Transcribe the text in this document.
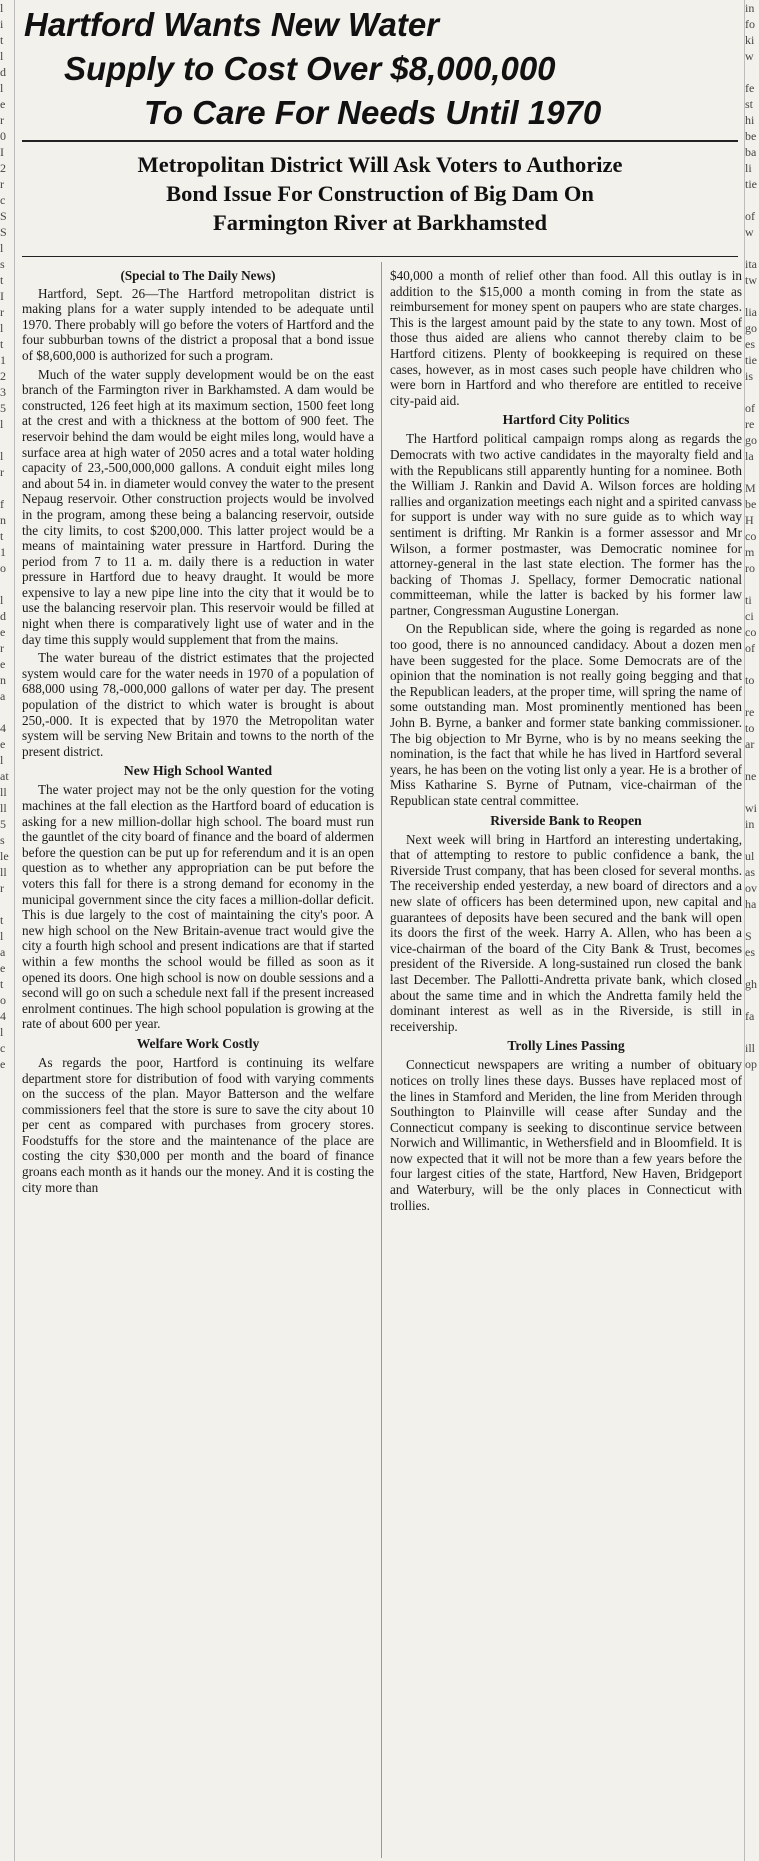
l
i
t
l
d
l
e
r
0
I
2
r
c
S
S
l
s
t
I
r
l
t
1
2
3
5
l

l
r

f
n
t
1
o

l
d
e
r
e
n
a

4
e
l
at
ll
ll
5
s
le
ll
r

t
l
a
e
t
o
4
l
c
e
in
fo
ki
w

fe
st
hi
be
ba
li
tie

of
w

ita
tw

lia
go
es
tie
is

of
re
go
la

M
be
H
co
m
ro

ti
ci
co
of

to

re
to
ar

ne

wi
in

ul
as
ov
ha

S
es

gh

fa

ill
op
Hartford Wants New Water
Supply to Cost Over $8,000,000
To Care For Needs Until 1970
Metropolitan District Will Ask Voters to Authorize
Bond Issue For Construction of Big Dam On
Farmington River at Barkhamsted
(Special to The Daily News)

Hartford, Sept. 26—The Hartford metropolitan district is making plans for a water supply intended to be adequate until 1970. There probably will go before the voters of Hartford and the four subburban towns of the district a proposal that a bond issue of $8,600,000 is authorized for such a program.

Much of the water supply development would be on the east branch of the Farmington river in Barkhamsted. A dam would be constructed, 126 feet high at its maximum section, 1500 feet long at the crest and with a thickness at the bottom of 900 feet. The reservoir behind the dam would be eight miles long, would have a surface area at high water of 2050 acres and a total water holding capacity of 23,-500,000,000 gallons. A conduit eight miles long and about 54 in. in diameter would convey the water to the present Nepaug reservoir. Other construction projects would be involved in the program, among these being a balancing reservoir, outside the city limits, to cost $200,000. This latter project would be a means of maintaining water pressure in Hartford. During the period from 7 to 11 a. m. daily there is a reduction in water pressure in Hartford due to heavy draught. It would be more expensive to lay a new pipe line into the city that it would be to use the balancing reservoir plan. This reservoir would be filled at night when there is comparatively light use of water and in the day time this supply would supplement that from the mains.

The water bureau of the district estimates that the projected system would care for the water needs in 1970 of a population of 688,000 using 78,-000,000 gallons of water per day. The present population of the district to which water is brought is about 250,-000. It is expected that by 1970 the Metropolitan water system will be serving New Britain and towns to the north of the present district.

New High School Wanted

The water project may not be the only question for the voting machines at the fall election as the Hartford board of education is asking for a new million-dollar high school. The board must run the gauntlet of the city board of finance and the board of aldermen before the question can be put up for referendum and it is an open question as to whether any appropriation can be put before the voters this fall for there is a strong demand for economy in the municipal government since the city faces a million-dollar deficit. This is due largely to the cost of maintaining the city's poor. A new high school on the New Britain-avenue tract would give the city a fourth high school and present indications are that if started within a few months the school would be filled as soon as it opened its doors. One high school is now on double sessions and a second will go on such a schedule next fall if the present increased enrolment continues. The high school population is growing at the rate of about 600 per year.

Welfare Work Costly

As regards the poor, Hartford is continuing its welfare department store for distribution of food with varying comments on the success of the plan. Mayor Batterson and the welfare commissioners feel that the store is sure to save the city about 10 per cent as compared with purchases from grocery stores. Foodstuffs for the store and the maintenance of the place are costing the city $30,000 per month and the board of finance groans each month as it hands our the money. And it is costing the city more than

$40,000 a month of relief other than food. All this outlay is in addition to the $15,000 a month coming in from the state as reimbursement for money spent on paupers who are state charges. This is the largest amount paid by the state to any town. Most of those thus aided are aliens who cannot thereby claim to be Hartford citizens. Plenty of bookkeeping is required on these cases, however, as in most cases such people have children who were born in Hartford and who therefore are entitled to receive city-paid aid.

Hartford City Politics

The Hartford political campaign romps along as regards the Democrats with two active candidates in the mayoralty field and with the Republicans still apparently hunting for a nominee. Both the William J. Rankin and David A. Wilson forces are holding rallies and organization meetings each night and a spirited canvass for support is under way with no sure guide as to which way sentiment is drifting. Mr Rankin is a former assessor and Mr Wilson, a former postmaster, was Democratic nominee for attorney-general in the last state election. The former has the backing of Thomas J. Spellacy, former Democratic national committeeman, while the latter is backed by his former law partner, Congressman Augustine Lonergan.

On the Republican side, where the going is regarded as none too good, there is no announced candidacy. About a dozen men have been suggested for the place. Some Democrats are of the opinion that the nomination is not really going begging and that the Republican leaders, at the proper time, will spring the name of some outstanding man. Most prominently mentioned has been John B. Byrne, a banker and former state banking commissioner. The big objection to Mr Byrne, who is by no means seeking the nomination, is the fact that while he has lived in Hartford several years, he has been on the voting list only a year. He is a brother of Miss Katharine S. Byrne of Putnam, vice-chairman of the Republican state central committee.

Riverside Bank to Reopen

Next week will bring in Hartford an interesting undertaking, that of attempting to restore to public confidence a bank, the Riverside Trust company, that has been closed for several months. The receivership ended yesterday, a new board of directors and a new slate of officers has been determined upon, new capital and guarantees of deposits have been secured and the bank will open its doors the first of the week. Harry A. Allen, who has been a vice-chairman of the board of the City Bank & Trust, becomes president of the Riverside. A long-sustained run closed the bank last December. The Pallotti-Andretta private bank, which closed about the same time and in which the Andretta family held the dominant interest as well as in the Riverside, is still in receivership.

Trolly Lines Passing

Connecticut newspapers are writing a number of obituary notices on trolly lines these days. Busses have replaced most of the lines in Stamford and Meriden, the line from Meriden through Southington to Plainville will cease after Sunday and the Connecticut company is seeking to discontinue service between Norwich and Willimantic, in Wethersfield and in Bloomfield. It is now expected that it will not be more than a few years before the four largest cities of the state, Hartford, New Haven, Bridgeport and Waterbury, will be the only places in Connecticut with trollies.
